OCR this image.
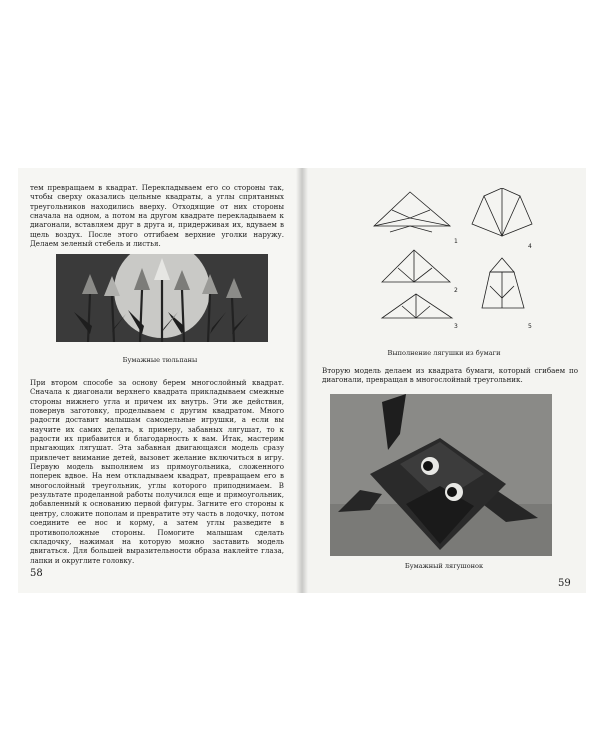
тем превращаем в квадрат. Перекладываем его со стороны так, чтобы сверху оказались цельные квадраты, а углы спрятанных треугольников находились вверху. Отходящие от них стороны сначала на одном, а потом на другом квадрате перекладываем к диагонали, вставляем друг в друга и, придерживая их, вдуваем в щель воздух. После этого отгибаем верхние уголки наружу. Делаем зеленый стебель и листья.

Бумажные тюльпаны

При втором способе за основу берем многослойный квадрат. Сначала к диагонали верхнего квадрата прикладываем смежные стороны нижнего угла и причем их внутрь. Эти же действия, повернув заготовку, проделываем с другим квадратом. Много радости доставит малышам самодельные игрушки, а если вы научите их самих делать, к примеру, забавных лягушат, то к радости их прибавится и благодарность к вам. Итак, мастерим прыгающих лягушат. Эта забавная двигающаяся модель сразу привлечет внимание детей, вызовет желание включиться в игру. Первую модель выполняем из прямоугольника, сложенного поперек вдвое. На нем откладываем квадрат, превращаем его в многослойный треугольник, углы которого приподнимаем. В результате проделанной работы получился еще и прямоугольник, добавленный к основанию первой фигуры. Загните его стороны к центру, сложите пополам и превратите эту часть в лодочку, потом соедините ее нос и корму, а затем углы разведите в противоположные стороны. Помогите малышам сделать складочку, нажимая на которую можно заставить модель двигаться. Для большей выразительности образа наклейте глаза, лапки и округлите головку.

58
1
2
3
4
5

Выполнение лягушки из бумаги

Вторую модель делаем из квадрата бумаги, который сгибаем по диагонали, превращая в многослойный треугольник.

Бумажный лягушонок

59
